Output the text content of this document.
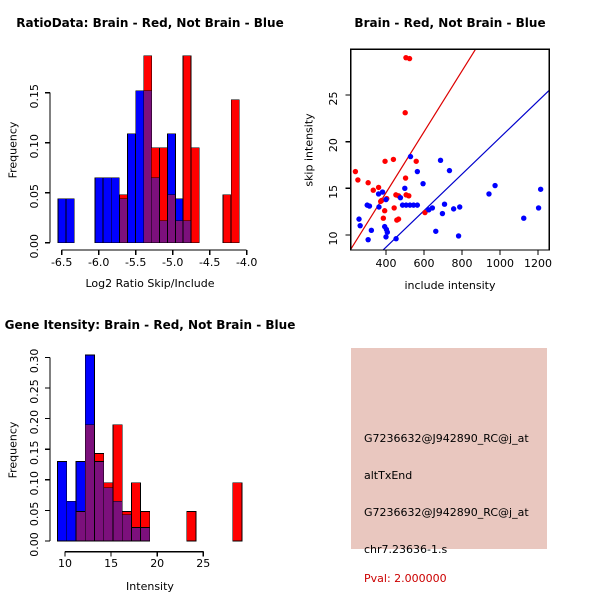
-6.5 -6.0 -5.5 -5.0 -4.5 -4.0
0.00
0.05
0.10
0.15
RatioData: Brain - Red, Not Brain - Blue
Log2 Ratio Skip/Include
Frequency
400 600 800 1000 1200
10
15
20
25
Brain - Red, Not Brain - Blue
include intensity
skip intensity
10	15	20	25
0.00
0.05
0.10
0.15
0.20
0.25
0.30
Gene Itensity: Brain - Red, Not Brain - Blue
Intensity
Frequency	G7236632@J942890_RC@j_at
altTxEnd
G7236632@J942890_RC@j_at
chr7.23636-1.s
Pval: 2.000000
